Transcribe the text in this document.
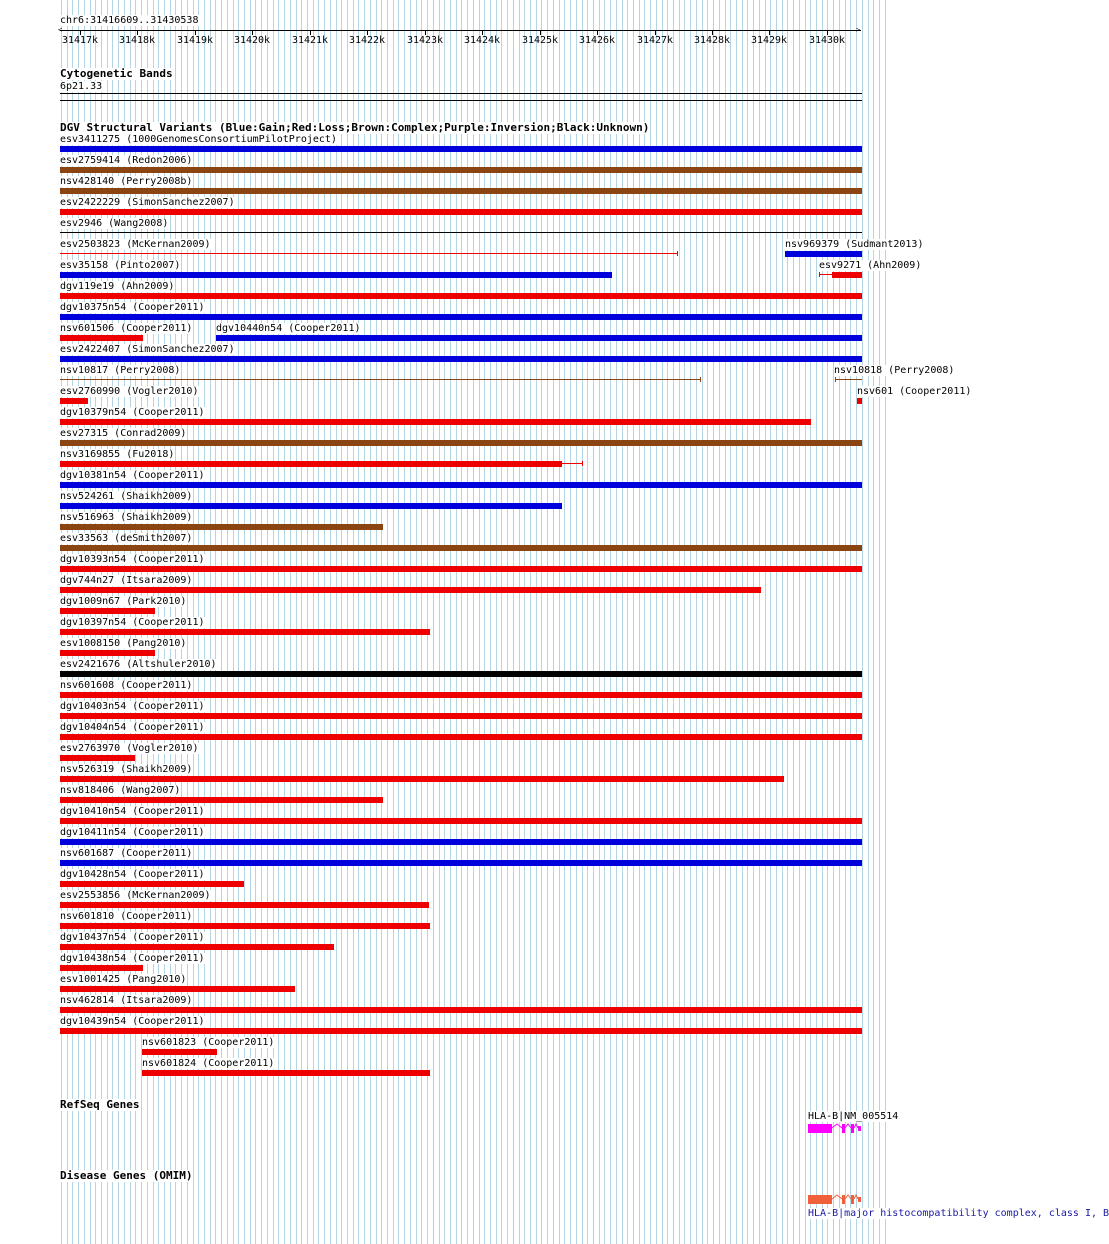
chr6:31416609..31430538
<	>
31417k 31418k 31419k 31420k 31421k 31422k 31423k 31424k 31425k 31426k 31427k 31428k 31429k 31430k
Cytogenetic Bands
6p21.33
DGV Structural Variants (Blue:Gain;Red:Loss;Brown:Complex;Purple:Inversion;Black:Unknown)
esv3411275 (1000GenomesConsortiumPilotProject)
esv2759414 (Redon2006)
nsv428140 (Perry2008b)
esv2422229 (SimonSanchez2007)
esv2946 (Wang2008)
esv2503823 (McKernan2009)	nsv969379 (Sudmant2013)
esv35158 (Pinto2007)	esv9271 (Ahn2009)
dgv119e19 (Ahn2009)
dgv10375n54 (Cooper2011)
nsv601506 (Cooper2011) dgv10440n54 (Cooper2011)
esv2422407 (SimonSanchez2007)
nsv10817 (Perry2008)	nsv10818 (Perry2008)
esv2760990 (Vogler2010)	nsv601 (Cooper2011)
dgv10379n54 (Cooper2011)
esv27315 (Conrad2009)
nsv3169855 (Fu2018)
dgv10381n54 (Cooper2011)
nsv524261 (Shaikh2009)
nsv516963 (Shaikh2009)
esv33563 (deSmith2007)
dgv10393n54 (Cooper2011)
dgv744n27 (Itsara2009)
dgv1009n67 (Park2010)
dgv10397n54 (Cooper2011)
esv1008150 (Pang2010)
esv2421676 (Altshuler2010)
nsv601608 (Cooper2011)
dgv10403n54 (Cooper2011)
dgv10404n54 (Cooper2011)
esv2763970 (Vogler2010)
nsv526319 (Shaikh2009)
nsv818406 (Wang2007)
dgv10410n54 (Cooper2011)
dgv10411n54 (Cooper2011)
nsv601687 (Cooper2011)
dgv10428n54 (Cooper2011)
esv2553856 (McKernan2009)
nsv601810 (Cooper2011)
dgv10437n54 (Cooper2011)
dgv10438n54 (Cooper2011)
esv1001425 (Pang2010)
nsv462814 (Itsara2009)
dgv10439n54 (Cooper2011)
nsv601823 (Cooper2011)
nsv601824 (Cooper2011)
RefSeq Genes
HLA-B|NM_005514
Disease Genes (OMIM)
HLA-B|major histocompatibility complex, class I, B
